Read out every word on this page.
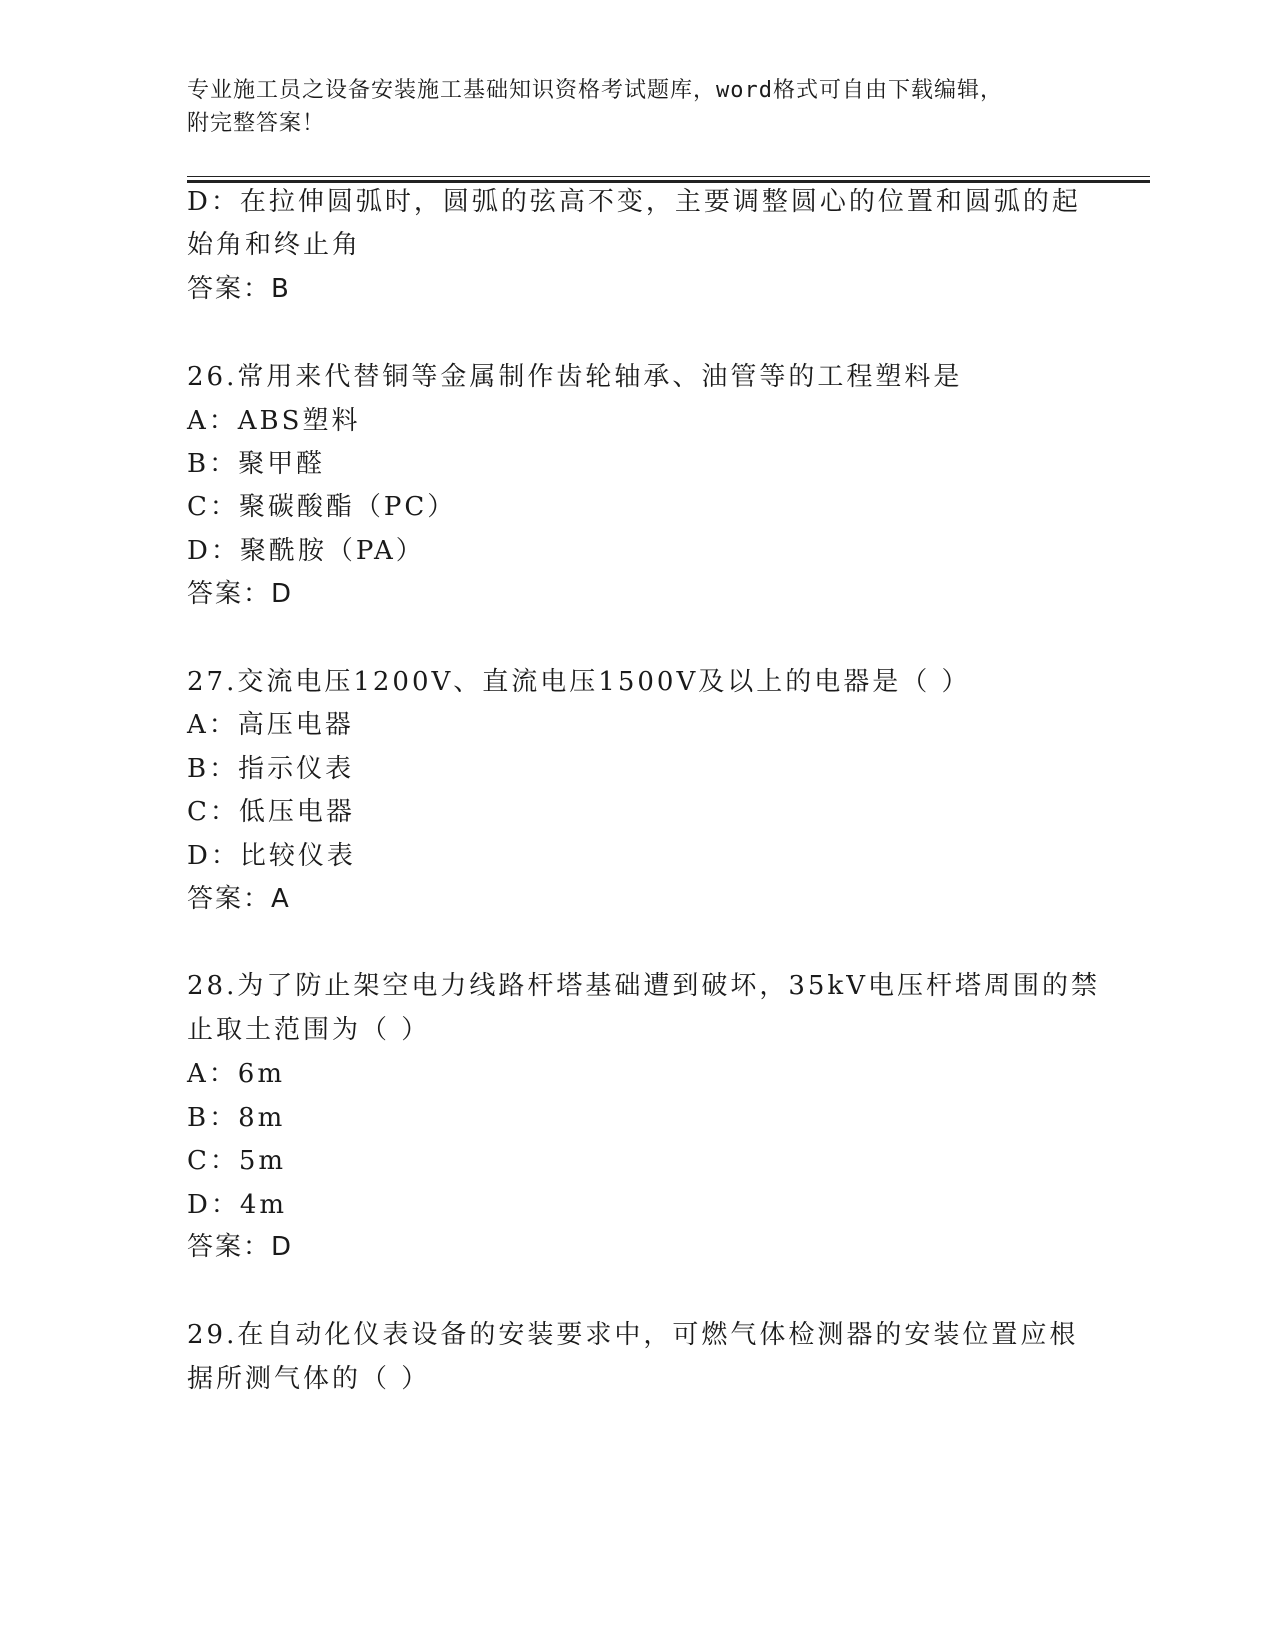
专业施工员之设备安装施工基础知识资格考试题库，word格式可自由下载编辑，

附完整答案！

D：在拉伸圆弧时，圆弧的弦高不变，主要调整圆心的位置和圆弧的起

始角和终止角

答案：B

26.常用来代替铜等金属制作齿轮轴承、油管等的工程塑料是

A：ABS塑料

B：聚甲醛

C：聚碳酸酯（PC）

D：聚酰胺（PA）

答案：D

27.交流电压1200V、直流电压1500V及以上的电器是（ ）

A：高压电器

B：指示仪表

C：低压电器

D：比较仪表

答案：A

28.为了防止架空电力线路杆塔基础遭到破坏，35kV电压杆塔周围的禁

止取土范围为（ ）

A：6m

B：8m

C：5m

D：4m

答案：D

29.在自动化仪表设备的安装要求中，可燃气体检测器的安装位置应根

据所测气体的（ ）
